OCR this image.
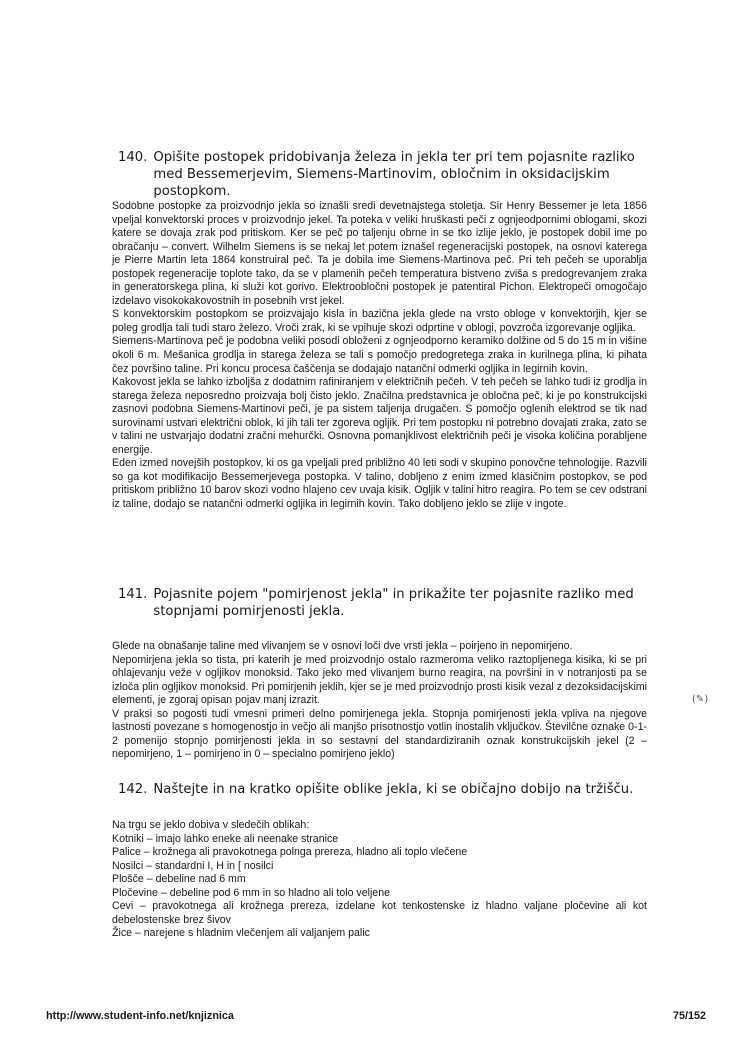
140. Opišite postopek pridobivanja železa in jekla ter pri tem pojasnite razliko med Bessemerjevim, Siemens-Martinovim, obločnim in oksidacijskim postopkom.

Sodobne postopke za proizvodnjo jekla so iznašli sredi devetnajstega stoletja. Sir Henry Bessemer je leta 1856 vpeljal konvektorski proces v proizvodnjo jekel. Ta poteka v veliki hruškasti peči z ognjeodpornimi oblogami, skozi katere se dovaja zrak pod pritiskom. Ker se peč po taljenju obrne in se tko izlije jeklo, je postopek dobil ime po obračanju – convert. Wilhelm Siemens is se nekaj let potem iznašel regeneracijski postopek, na osnovi katerega je Pierre Martin leta 1864 konstruiral peč. Ta je dobila ime Siemens-Martinova peč. Pri teh pečeh se uporablja postopek regeneracije toplote tako, da se v plamenih pečeh temperatura bistveno zviša s predogrevanjem zraka in generatorskega plina, ki služi kot gorivo. Elektroobločni postopek je patentiral Pichon. Elektropeči omogočajo izdelavo visokokakovostnih in posebnih vrst jekel.

S konvektorskim postopkom se proizvajajo kisla in bazična jekla glede na vrsto obloge v konvektorjih, kjer se poleg grodlja tali tudi staro železo. Vroči zrak, ki se vpihuje skozi odprtine v oblogi, povzroča izgorevanje ogljika.

Siemens-Martinova peč je podobna veliki posodi obloženi z ognjeodporno keramiko dolžine od 5 do 15 m in višine okoli 6 m. Mešanica grodlja in starega železa se tali s pomočjo predogretega zraka in kurilnega plina, ki pihata čez površino taline. Pri koncu procesa čaščenja se dodajajo natančni odmerki ogljika in legirnih kovin.

Kakovost jekla se lahko izboljša z dodatnim rafiniranjem v električnih pečeh. V teh pečeh se lahko tudi iz grodlja in starega železa neposredno proizvaja bolj čisto jeklo. Značilna predstavnica je obločna peč, ki je po konstrukcijski zasnovi podobna Siemens-Martinovi peči, je pa sistem taljenja drugačen. S pomočjo oglenih elektrod se tik nad surovinami ustvari električni oblok, ki jih tali ter zgoreva ogljik. Pri tem postopku ni potrebno dovajati zraka, zato se v talini ne ustvarjajo dodatni zračni mehurčki. Osnovna pomanjklivost električnih peči je visoka količina porabljene energije.

Eden izmed novejših postopkov, ki os ga vpeljali pred približno 40 leti sodi v skupino ponovčne tehnologije. Razvili so ga kot modifikacijo Bessemerjevega postopka. V talino, dobljeno z enim izmed klasičnim postopkov, se pod pritiskom približno 10 barov skozi vodno hlajeno cev uvaja kisik. Ogljik v talini hitro reagira. Po tem se cev odstrani iz taline, dodajo se natančni odmerki ogljika in legirnih kovin. Tako dobljeno jeklo se zlije v ingote.

141. Pojasnite pojem "pomirjenost jekla" in prikažite ter pojasnite razliko med stopnjami pomirjenosti jekla.

Glede na obnašanje taline med vlivanjem se v osnovi loči dve vrsti jekla – poirjeno in nepomirjeno.

Nepomirjena jekla so tista, pri katerih je med proizvodnjo ostalo razmeroma veliko raztopljenega kisika, ki se pri ohlajevanju veže v ogljikov monoksid. Tako jeko med vlivanjem burno reagira, na površini in v notranjosti pa se izloča plin ogljikov monoksid. Pri pomirjenih jeklih, kjer se je med proizvodnjo prosti kisik vezal z dezoksidacijskimi elementi, je zgoraj opisan pojav manj izrazit.

V praksi so pogosti tudi vmesni primeri delno pomirjenega jekla. Stopnja pomirjenosti jekla vpliva na njegove lastnosti povezane s homogenostjo in večjo ali manjšo prisotnostjo votlin inostalih vključkov. Številčne oznake 0-1-2 pomenijo stopnjo pomirjenosti jekla in so sestavni del standardiziranih oznak konstrukcijskih jekel (2 – nepomirjeno, 1 – pomirjeno in 0 – specialno pomirjeno jeklo)

(✎)
142. Naštejte in na kratko opišite oblike jekla, ki se običajno dobijo na tržišču.
Na trgu se jeklo dobiva v sledečih oblikah:
Kotniki – imajo lahko eneke ali neenake stranice
Palice – krožnega ali pravokotnega polnga prereza, hladno ali toplo vlečene
Nosilci – standardni I, H in [ nosilci
Plošče – debeline nad 6 mm
Pločevine – debeline pod 6 mm in so hladno ali tolo veljene
Cevi – pravokotnega ali krožnega prereza, izdelane kot tenkostenske iz hladno valjane pločevine ali kot debelostenske brez šivov
Žice – narejene s hladnim vlečenjem ali valjanjem palic
http://www.student-info.net/knjiznica	75/152
